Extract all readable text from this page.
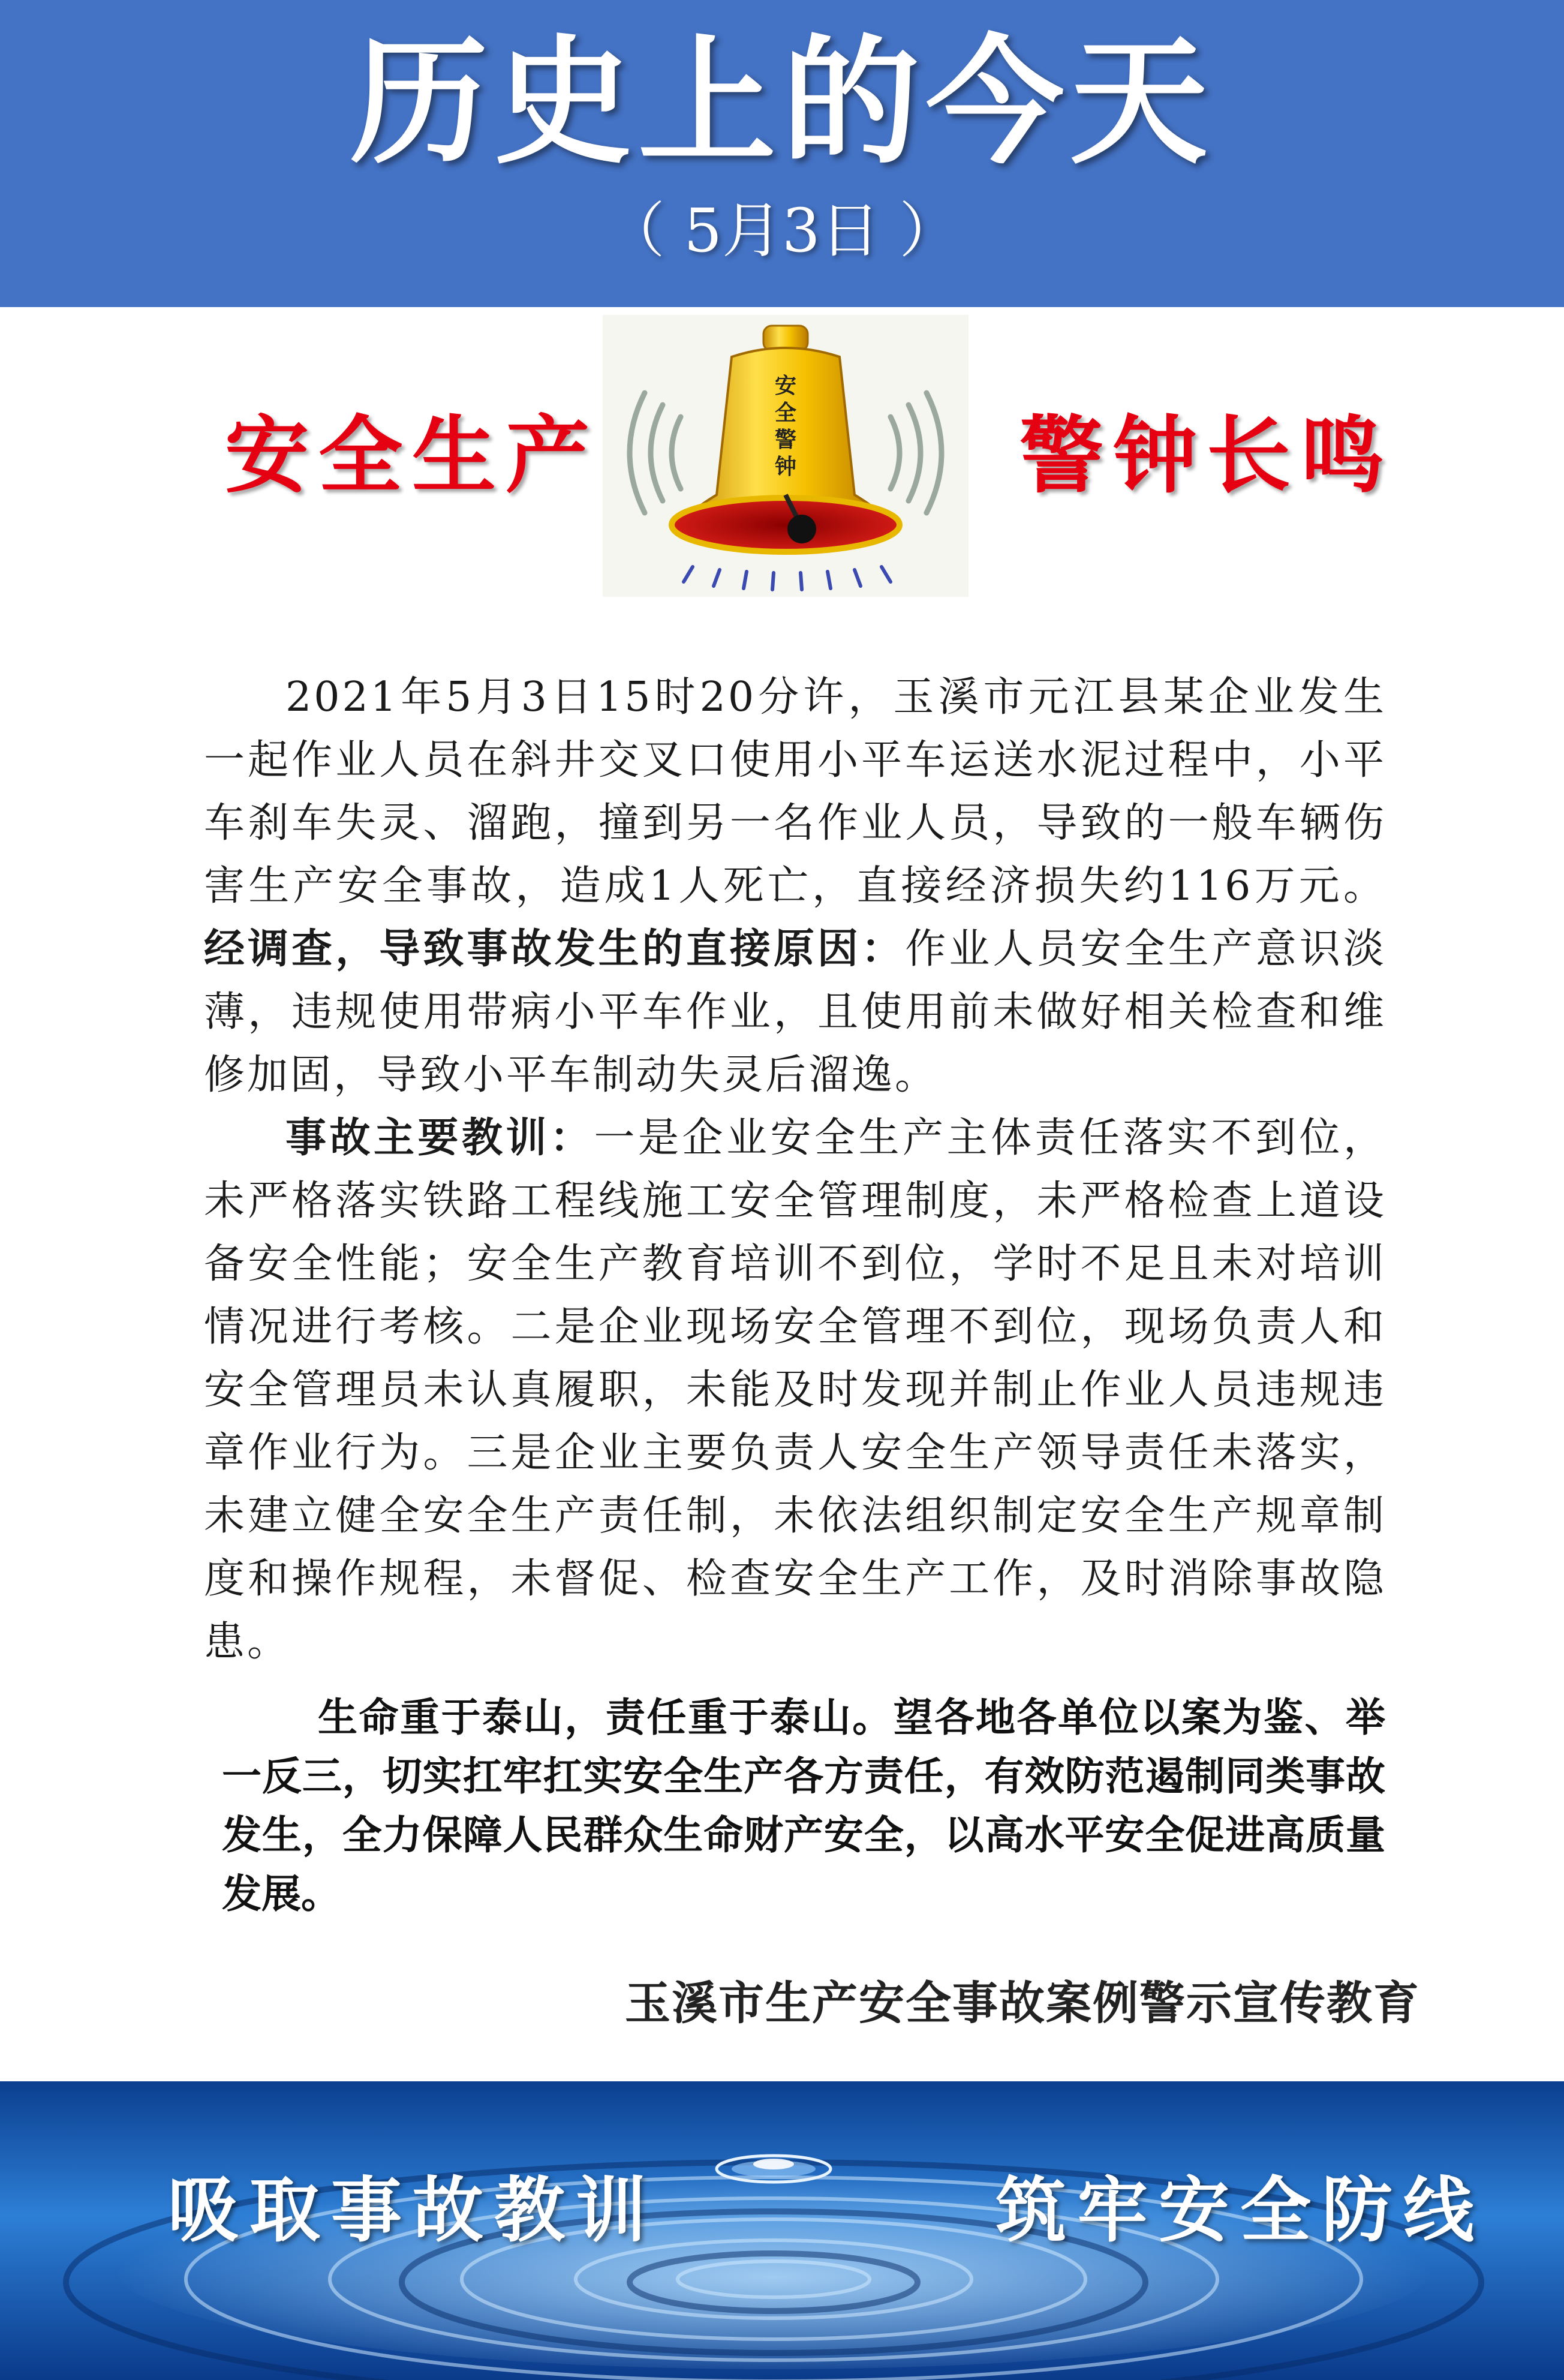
历史上的今天
（ 5月3日 ）
安全生产
安
全
警
钟	警钟长鸣

2021年5月3日15时20分许，玉溪市元江县某企业发生一起作业人员在斜井交叉口使用小平车运送水泥过程中，小平车刹车失灵、溜跑，撞到另一名作业人员，导致的一般车辆伤害生产安全事故，造成1人死亡，直接经济损失约116万元。经调查，导致事故发生的直接原因：作业人员安全生产意识淡薄，违规使用带病小平车作业，且使用前未做好相关检查和维修加固，导致小平车制动失灵后溜逸。

事故主要教训：一是企业安全生产主体责任落实不到位，未严格落实铁路工程线施工安全管理制度，未严格检查上道设备安全性能；安全生产教育培训不到位，学时不足且未对培训情况进行考核。二是企业现场安全管理不到位，现场负责人和安全管理员未认真履职，未能及时发现并制止作业人员违规违章作业行为。三是企业主要负责人安全生产领导责任未落实，未建立健全安全生产责任制，未依法组织制定安全生产规章制度和操作规程，未督促、检查安全生产工作，及时消除事故隐患。

生命重于泰山，责任重于泰山。望各地各单位以案为鉴、举一反三，切实扛牢扛实安全生产各方责任，有效防范遏制同类事故发生，全力保障人民群众生命财产安全，以高水平安全促进高质量发展。

玉溪市生产安全事故案例警示宣传教育
吸取事故教训	筑牢安全防线
